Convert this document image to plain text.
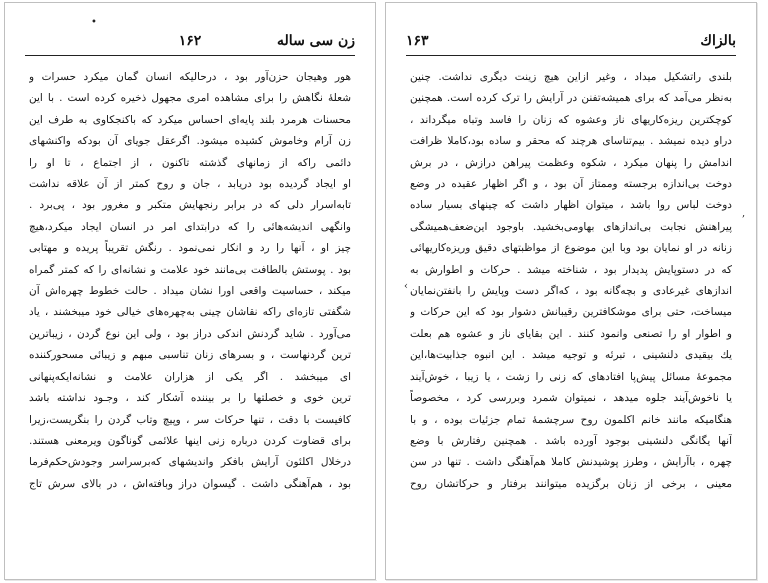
زن سی ساله
۱۶۲
هور وهیجان حزن‌آور بود ، درحالیکه انسان گمان میکرد حسرات و
شعلهٔ نگاهش را برای مشاهده امری مجهول ذخیره کرده است . با این
محسنات هرمرد بلند پایه‌ای احساس میکرد که باکنجکاوی به طرف این
زن آرام وخاموش کشیده میشود. اگرعقل جویای آن بودکه واکنشهای
دائمی راکه از زمانهای گذشته تاکنون ، از اجتماع ، تا او را
او ایجاد گردیده بود دریابد ، جان و روح کمتر از آن علاقه نداشت
تابه‌اسرار دلی که در برابر رنجهایش متکبر و مغرور بود ، پی‌برد .
وانگهی اندیشه‌هائی را که درابتدای امر در انسان ایجاد میکرد،هیچ
چیز او ، آنها را رد و انکار نمی‌نمود . رنگش تقریباً پریده و مهتابی
بود . پوستش بالطافت بی‌مانند خود علامت و نشانه‌ای را که کمتر گمراه
میکند ، حساسیت واقعی اورا نشان میداد . حالت خطوط چهره‌اش آن
شگفتی تازه‌ای راکه نقاشان چینی به‌چهره‌های خیالی خود میبخشند ، یاد
می‌آورد . شاید گردنش اندکی دراز بود ، ولی این نوع گردن ، زیباترین
ترین گردنهاست ، و بسرهای زنان تناسبی مبهم و زیبائی مسحورکننده
ای میبخشد . اگر یکی از هزاران علامت و نشانه‌ایکه‌پنهانی‌
ترین خوی و خصلتها را بر بیننده آشکار کند ، وجـود نداشته باشد
کافیست با دقت ، تنها حرکات سر ، وپیچ وتاب گردن را بنگریست،زیرا
برای قضاوت کردن درباره زنی اینها علائمی گوناگون ویرمعنی هستند.
درخلال اکلئون آرایش بافکر واندیشهای که‌برسراسر وجودش‌حکم‌فرما
بود ، هم‌آهنگی داشت . گیسوان دراز وبافته‌اش ، در بالای سرش تاج
•
بالزاك
۱۶۳
بلندی راتشکیل میداد ، وغیر ازاین هیچ زینت دیگری نداشت. چنین
به‌نظر می‌آمد که برای همیشه‌تفنن در آرایش را ترک کرده است. همچنین
کوچکترین ریزه‌کاریهای ناز وعشوه که زنان را فاسد وتباه میگرداند ،
دراو دیده نمیشد . بیم‌تناسای هرچند که محقر و ساده بود،کاملا ظرافت
اندامش را پنهان میکرد ، شکوه وعظمت پیراهن درازش ، در برش
دوخت بی‌اندازه برجسته وممتاز آن بود ، و اگر اظهار عقیده در وضع
دوخت لباس روا باشد ، میتوان اظهار داشت که چینهای بسیار ساده
پیراهنش نجابت بی‌اندازهای بهاومی‌بخشید. باوجود این‌ضعف‌همیشگی
زنانه در او نمایان بود وبا این موضوع از مواظبتهای دقیق وریزه‌کاریهائی
که در دستوپایش پدیدار بود ، شناخته میشد . حرکات و اطوارش به
اندازهای غیرعادی و بچه‌گانه بود ، که‌اگر دست وپایش را بانفتن‌نمایان
میساخت، حتی برای موشکافترین رقیبانش دشوار بود که این حرکات و
و اطوار او را تصنعی وانمود کنند . این بقایای ناز و عشوه هم بعلت
یك بیقیدی دلنشینی ، تبرئه و توجیه میشد . این انبوه جذابیت‌ها،این
مجموعهٔ مسائل پیش‌پا افتادهای که زنی را زشت ، یا زیبا ، خوش‌آیند
یا ناخوش‌آیند جلوه میدهد ، نمیتوان شمرد وبررسی کرد ، مخصوصاً
هنگامیکه مانند خانم اکلمون روح سرچشمهٔ تمام جزئیات بوده ، و با
آنها یگانگی دلنشینی بوجود آورده باشد . همچنین رفتارش با وضع
چهره ، باآرایش ، وطرز پوشیدنش کاملا هم‌آهنگی داشت . تنها در سن
معینی ، برخی از زنان برگزیده میتوانند برفتار و حرکاتشان روح
,
‹
